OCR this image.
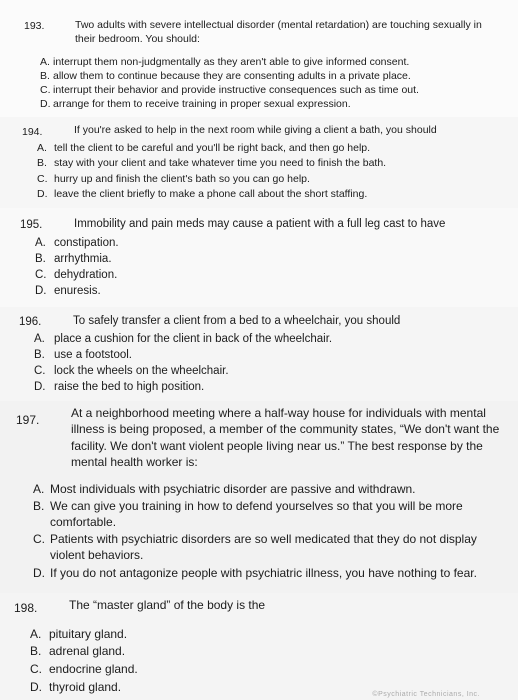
193.	Two adults with severe intellectual disorder (mental retardation) are touching sexually in their bedroom. You should:
A. interrupt them non-judgmentally as they aren't able to give informed consent.
B. allow them to continue because they are consenting adults in a private place.
C. interrupt their behavior and provide instructive consequences such as time out.
D. arrange for them to receive training in proper sexual expression.
194.	If you're asked to help in the next room while giving a client a bath, you should
A. tell the client to be careful and you'll be right back, and then go help.
B. stay with your client and take whatever time you need to finish the bath.
C. hurry up and finish the client's bath so you can go help.
D. leave the client briefly to make a phone call about the short staffing.
195.	Immobility and pain meds may cause a patient with a full leg cast to have
A. constipation.
B. arrhythmia.
C. dehydration.
D. enuresis.
196.	To safely transfer a client from a bed to a wheelchair, you should
A. place a cushion for the client in back of the wheelchair.
B. use a footstool.
C. lock the wheels on the wheelchair.
D. raise the bed to high position.
197.	At a neighborhood meeting where a half-way house for individuals with mental illness is being proposed, a member of the community states, “We don't want the facility. We don't want violent people living near us.” The best response by the mental health worker is:
A. Most individuals with psychiatric disorder are passive and withdrawn.
B. We can give you training in how to defend yourselves so that you will be more comfortable.
C. Patients with psychiatric disorders are so well medicated that they do not display violent behaviors.
D. If you do not antagonize people with psychiatric illness, you have nothing to fear.
198.	The “master gland” of the body is the
A. pituitary gland.
B. adrenal gland.
C. endocrine gland.
D. thyroid gland.
©Psychiatric Technicians, Inc.
